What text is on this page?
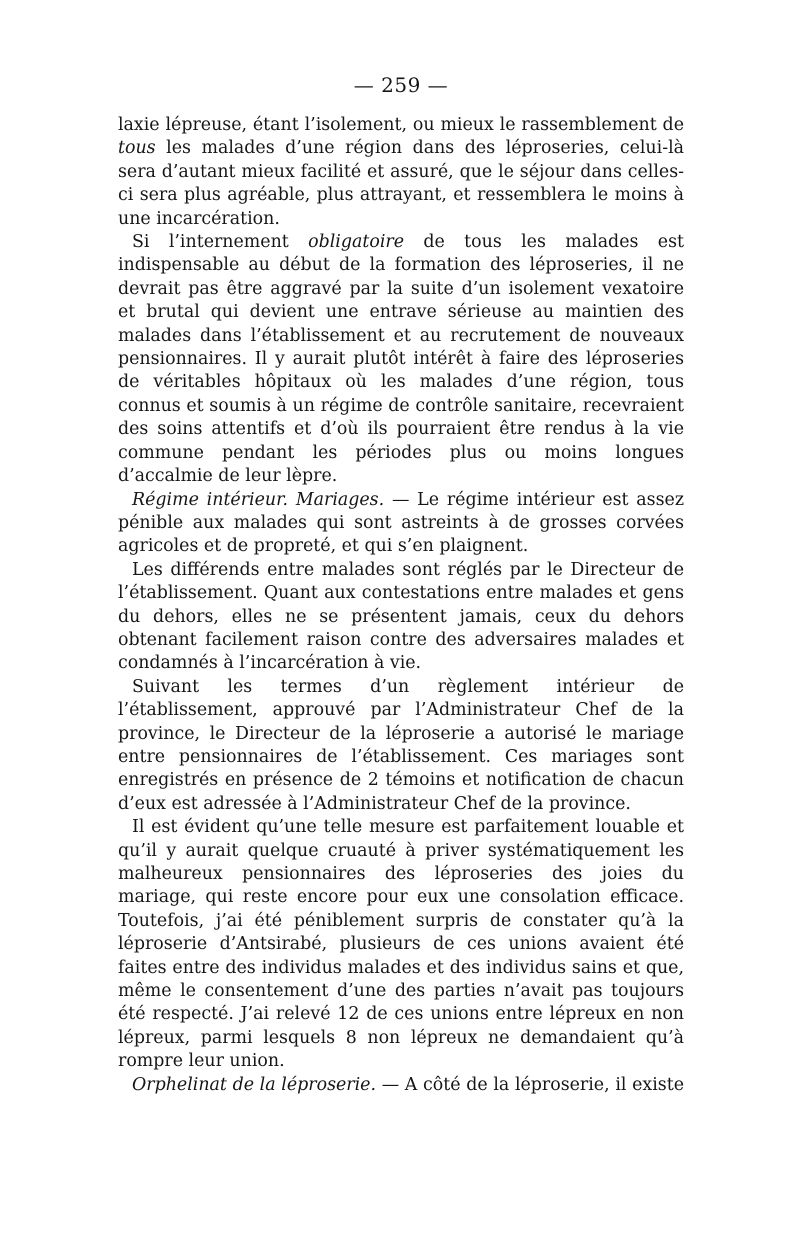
— 259 —

laxie lépreuse, étant l’isolement, ou mieux le rassemblement de tous les malades d’une région dans des léproseries, celui-là sera d’autant mieux facilité et assuré, que le séjour dans celles-ci sera plus agréable, plus attrayant, et ressemblera le moins à une incarcération.

Si l’internement obligatoire de tous les malades est indispensable au début de la formation des léproseries, il ne devrait pas être aggravé par la suite d’un isolement vexatoire et brutal qui devient une entrave sérieuse au maintien des malades dans l’établissement et au recrutement de nouveaux pensionnaires. Il y aurait plutôt intérêt à faire des léproseries de véritables hôpitaux où les malades d’une région, tous connus et soumis à un régime de contrôle sanitaire, recevraient des soins attentifs et d’où ils pourraient être rendus à la vie commune pendant les périodes plus ou moins longues d’accalmie de leur lèpre.

Régime intérieur. Mariages. — Le régime intérieur est assez pénible aux malades qui sont astreints à de grosses corvées agricoles et de propreté, et qui s’en plaignent.

Les différends entre malades sont réglés par le Directeur de l’établissement. Quant aux contestations entre malades et gens du dehors, elles ne se présentent jamais, ceux du dehors obtenant facilement raison contre des adversaires malades et condamnés à l’incarcération à vie.

Suivant les termes d’un règlement intérieur de l’établissement, approuvé par l’Administrateur Chef de la province, le Directeur de la léproserie a autorisé le mariage entre pensionnaires de l’établissement. Ces mariages sont enregistrés en présence de 2 témoins et notification de chacun d’eux est adressée à l’Administrateur Chef de la province.

Il est évident qu’une telle mesure est parfaitement louable et qu’il y aurait quelque cruauté à priver systématiquement les malheureux pensionnaires des léproseries des joies du mariage, qui reste encore pour eux une consolation efficace. Toutefois, j’ai été péniblement surpris de constater qu’à la léproserie d’Antsirabé, plusieurs de ces unions avaient été faites entre des individus malades et des individus sains et que, même le consentement d’une des parties n’avait pas toujours été respecté. J’ai relevé 12 de ces unions entre lépreux en non lépreux, parmi lesquels 8 non lépreux ne demandaient qu’à rompre leur union.

Orphelinat de la léproserie. — A côté de la léproserie, il existe
